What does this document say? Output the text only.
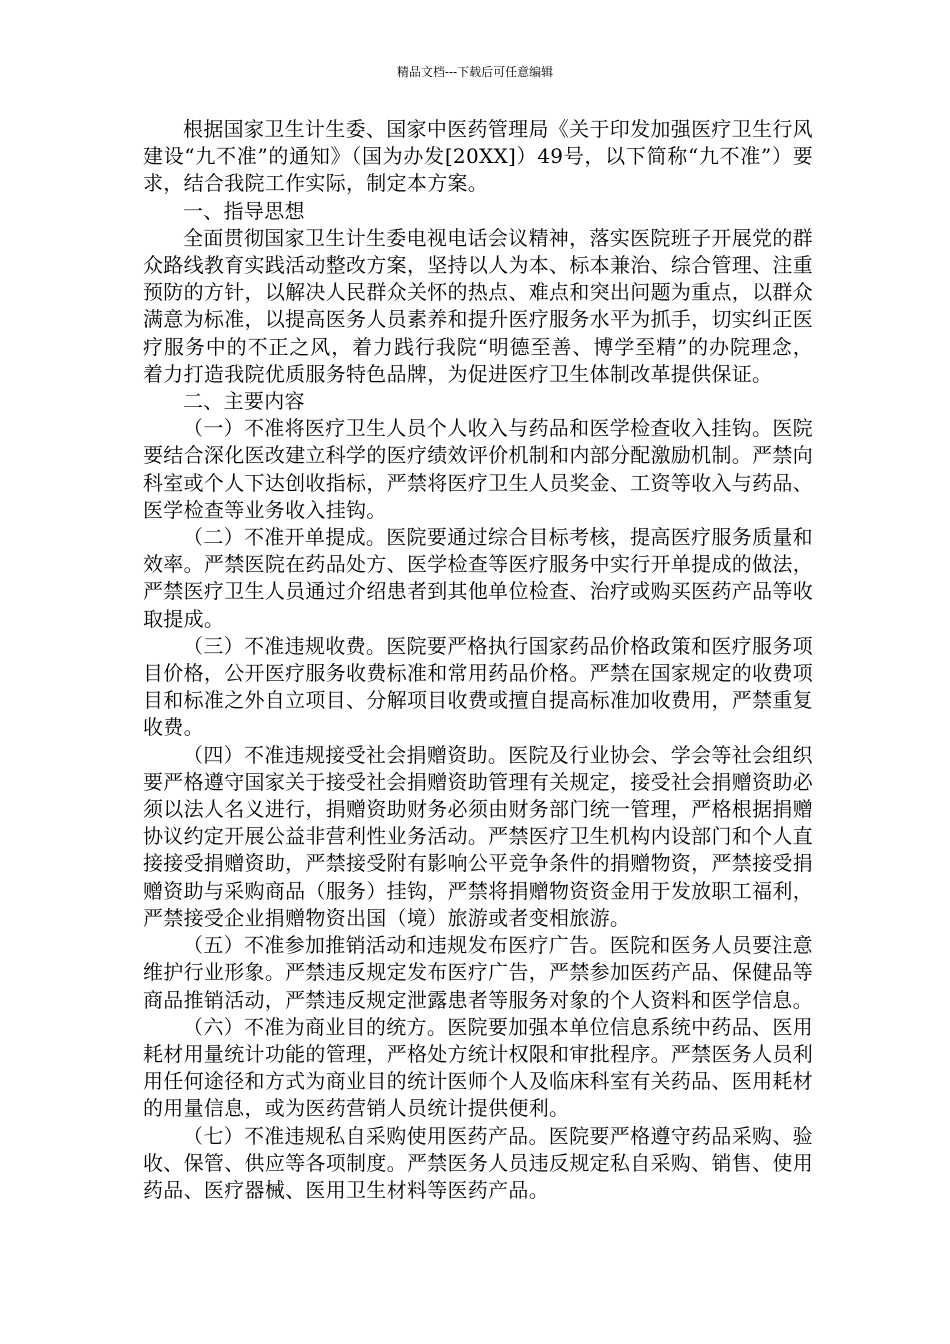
精品文档---下载后可任意编辑

根据国家卫生计生委、国家中医药管理局《关于印发加强医疗卫生行风建设“九不准”的通知》（国为办发[20XX]）49号，以下简称“九不准”）要求，结合我院工作实际，制定本方案。

一、指导思想

全面贯彻国家卫生计生委电视电话会议精神，落实医院班子开展党的群众路线教育实践活动整改方案，坚持以人为本、标本兼治、综合管理、注重预防的方针，以解决人民群众关怀的热点、难点和突出问题为重点，以群众满意为标准，以提高医务人员素养和提升医疗服务水平为抓手，切实纠正医疗服务中的不正之风，着力践行我院“明德至善、博学至精”的办院理念，着力打造我院优质服务特色品牌，为促进医疗卫生体制改革提供保证。

二、主要内容

（一）不准将医疗卫生人员个人收入与药品和医学检查收入挂钩。医院要结合深化医改建立科学的医疗绩效评价机制和内部分配激励机制。严禁向科室或个人下达创收指标，严禁将医疗卫生人员奖金、工资等收入与药品、医学检查等业务收入挂钩。

（二）不准开单提成。医院要通过综合目标考核，提高医疗服务质量和效率。严禁医院在药品处方、医学检查等医疗服务中实行开单提成的做法，严禁医疗卫生人员通过介绍患者到其他单位检查、治疗或购买医药产品等收取提成。

（三）不准违规收费。医院要严格执行国家药品价格政策和医疗服务项目价格，公开医疗服务收费标准和常用药品价格。严禁在国家规定的收费项目和标准之外自立项目、分解项目收费或擅自提高标准加收费用，严禁重复收费。

（四）不准违规接受社会捐赠资助。医院及行业协会、学会等社会组织要严格遵守国家关于接受社会捐赠资助管理有关规定，接受社会捐赠资助必须以法人名义进行，捐赠资助财务必须由财务部门统一管理，严格根据捐赠协议约定开展公益非营利性业务活动。严禁医疗卫生机构内设部门和个人直接接受捐赠资助，严禁接受附有影响公平竞争条件的捐赠物资，严禁接受捐赠资助与采购商品（服务）挂钩，严禁将捐赠物资资金用于发放职工福利，严禁接受企业捐赠物资出国（境）旅游或者变相旅游。

（五）不准参加推销活动和违规发布医疗广告。医院和医务人员要注意维护行业形象。严禁违反规定发布医疗广告，严禁参加医药产品、保健品等商品推销活动，严禁违反规定泄露患者等服务对象的个人资料和医学信息。

（六）不准为商业目的统方。医院要加强本单位信息系统中药品、医用耗材用量统计功能的管理，严格处方统计权限和审批程序。严禁医务人员利用任何途径和方式为商业目的统计医师个人及临床科室有关药品、医用耗材的用量信息，或为医药营销人员统计提供便利。

（七）不准违规私自采购使用医药产品。医院要严格遵守药品采购、验收、保管、供应等各项制度。严禁医务人员违反规定私自采购、销售、使用药品、医疗器械、医用卫生材料等医药产品。
